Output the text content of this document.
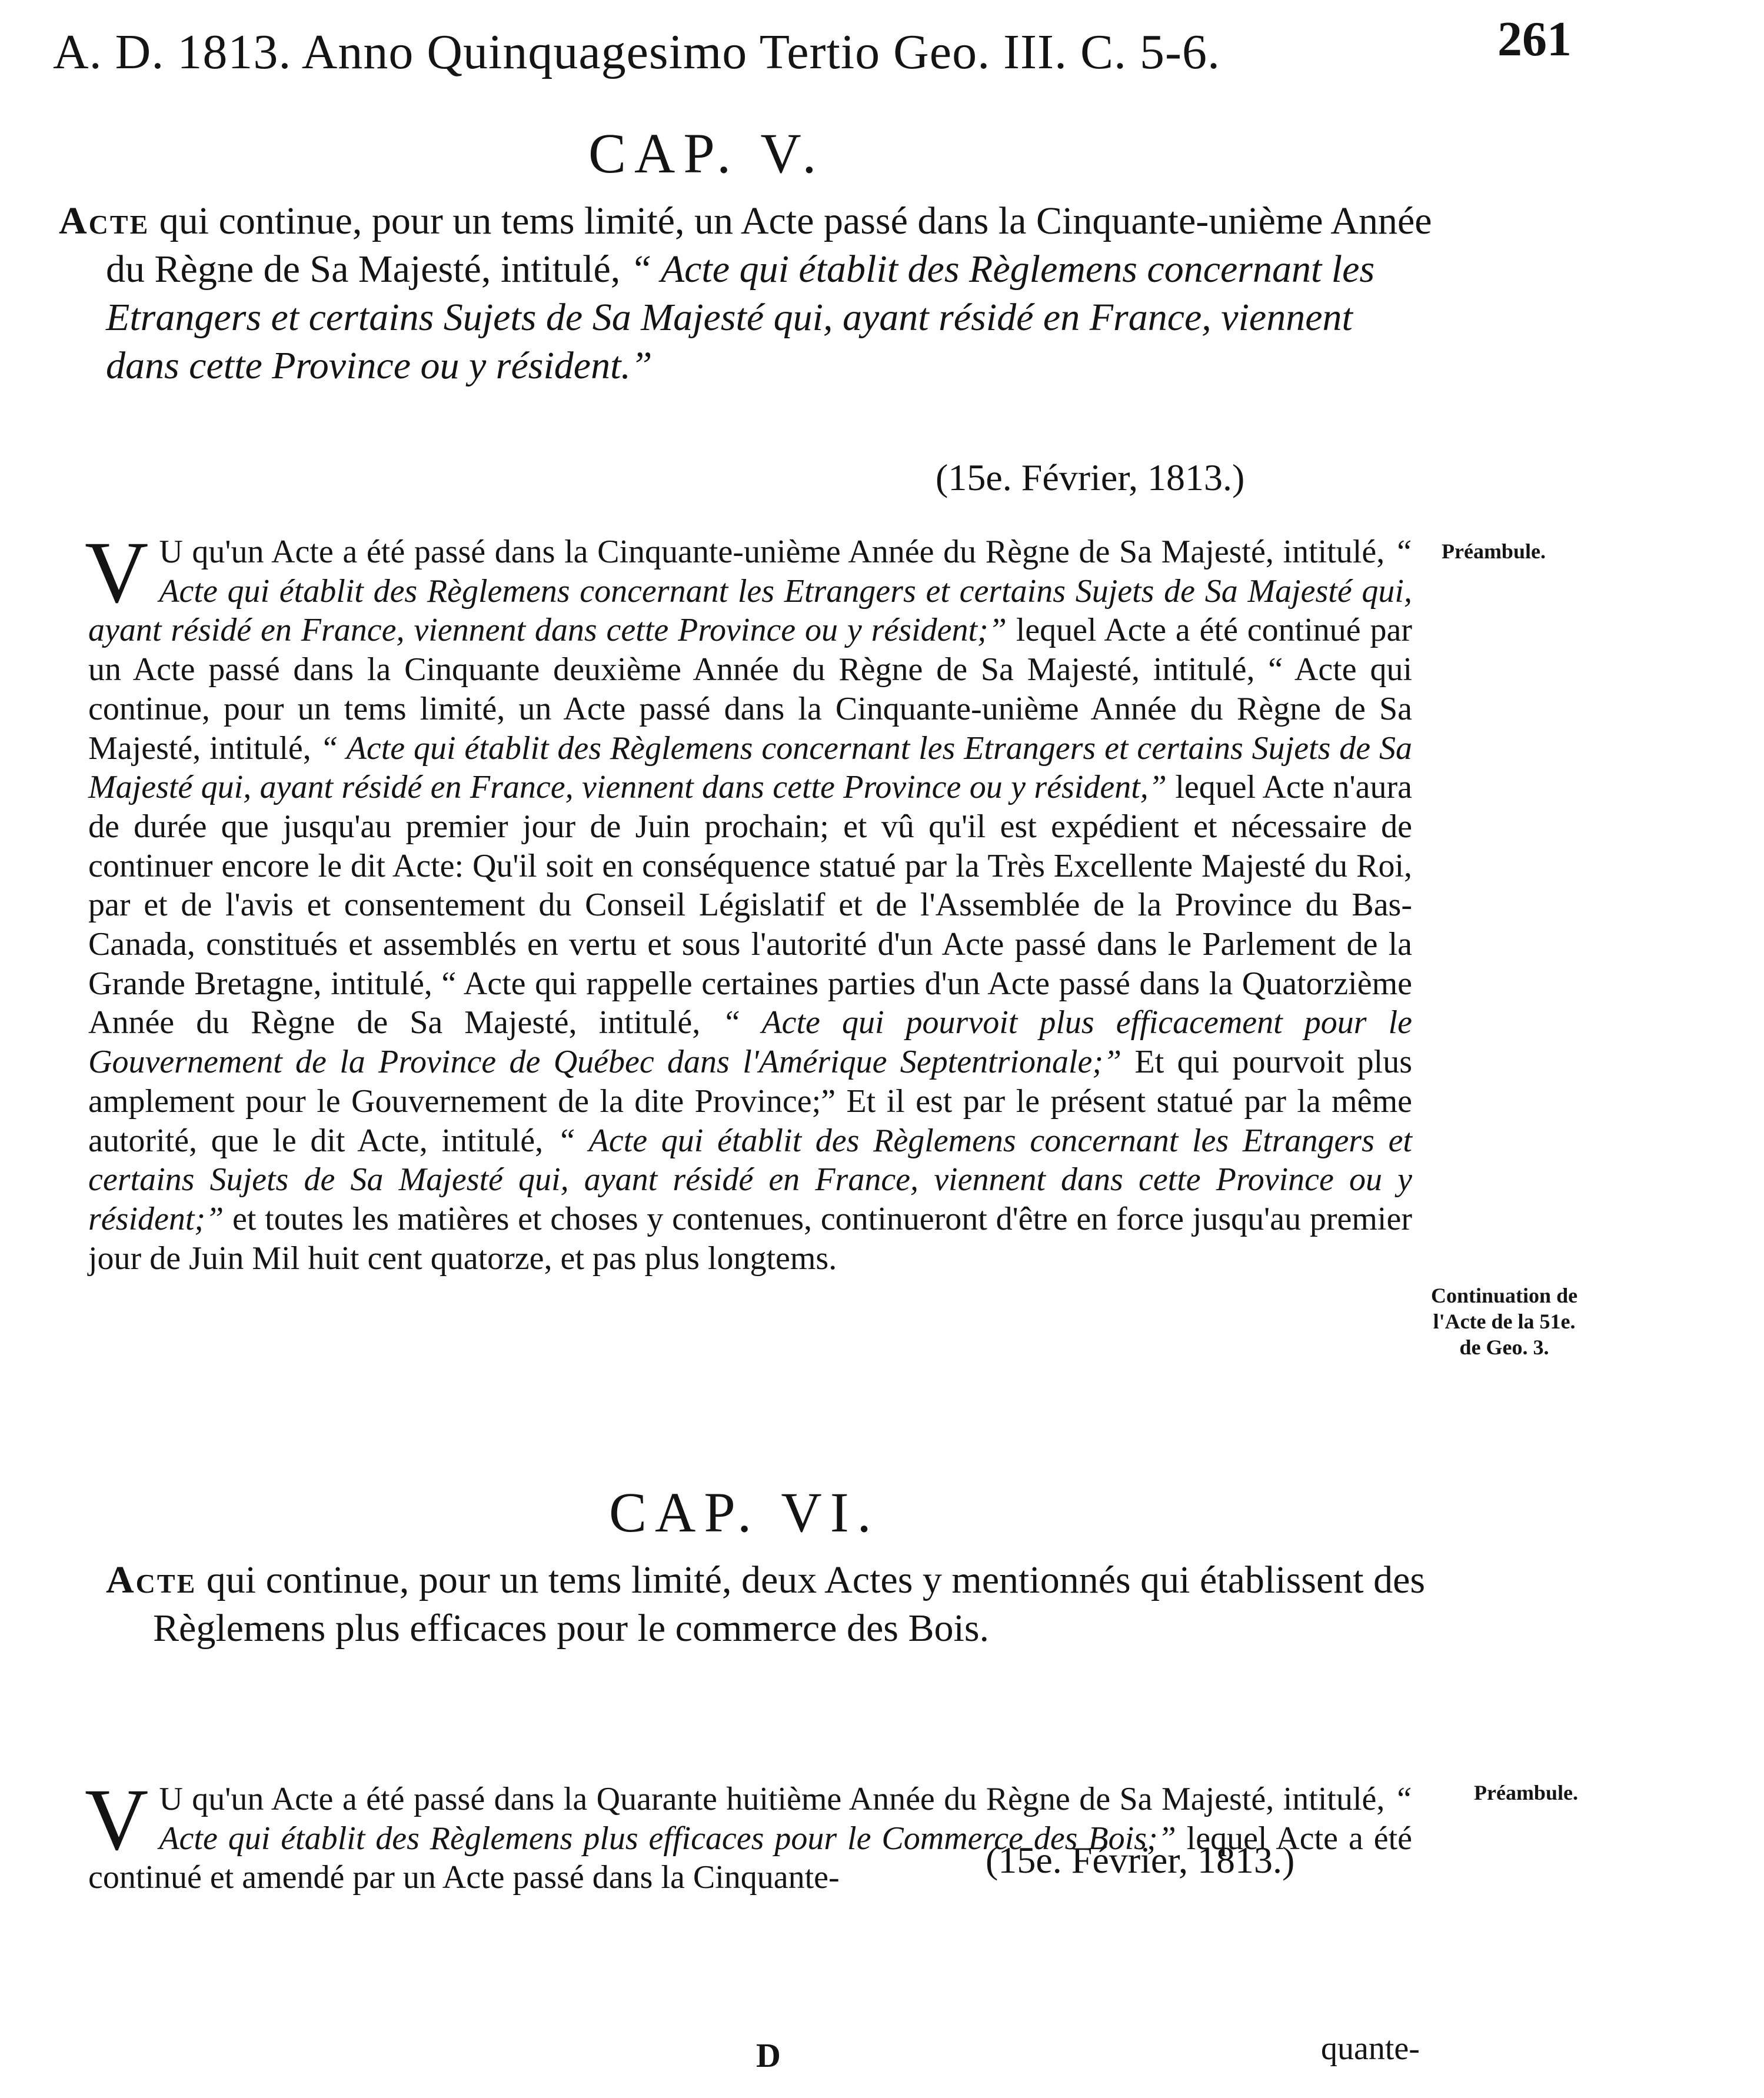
A. D. 1813. Anno Quinquagesimo Tertio Geo. III. C. 5-6.	261
CAP. V.
Acte qui continue, pour un tems limité, un Acte passé dans la Cinquante-unième Année du Règne de Sa Majesté, intitulé, “ Acte qui établit des Règlemens concernant les Etrangers et certains Sujets de Sa Majesté qui, ayant résidé en France, viennent dans cette Province ou y résident.”
(15e. Février, 1813.)
V U qu'un Acte a été passé dans la Cinquante-unième Année du Règne de Sa Majesté, intitulé, “ Acte qui établit des Règlemens concernant les Etrangers et certains Sujets de Sa Majesté qui, ayant résidé en France, viennent dans cette Province ou y résident;” lequel Acte a été continué par un Acte passé dans la Cinquante deuxième Année du Règne de Sa Majesté, intitulé, “ Acte qui continue, pour un tems limité, un Acte passé dans la Cinquante-unième Année du Règne de Sa Majesté, intitulé, “ Acte qui établit des Règlemens concernant les Etrangers et certains Sujets de Sa Majesté qui, ayant résidé en France, viennent dans cette Province ou y résident,” lequel Acte n'aura de durée que jusqu'au premier jour de Juin prochain; et vû qu'il est expédient et nécessaire de continuer encore le dit Acte: Qu'il soit en conséquence statué par la Très Excellente Majesté du Roi, par et de l'avis et consentement du Conseil Législatif et de l'Assemblée de la Province du Bas-Canada, constitués et assemblés en vertu et sous l'autorité d'un Acte passé dans le Parlement de la Grande Bretagne, intitulé, “ Acte qui rappelle certaines parties d'un Acte passé dans la Quatorzième Année du Règne de Sa Majesté, intitulé, “ Acte qui pourvoit plus efficacement pour le Gouvernement de la Province de Québec dans l'Amérique Septentrionale;” Et qui pourvoit plus amplement pour le Gouvernement de la dite Province;” Et il est par le présent statué par la même autorité, que le dit Acte, intitulé, “ Acte qui établit des Règlemens concernant les Etrangers et certains Sujets de Sa Majesté qui, ayant résidé en France, viennent dans cette Province ou y résident;” et toutes les matières et choses y contenues, continueront d'être en force jusqu'au premier jour de Juin Mil huit cent quatorze, et pas plus longtems.
Préambule.
Continuation de
l'Acte de la 51e.
de Geo. 3.
CAP. VI.
Acte qui continue, pour un tems limité, deux Actes y mentionnés qui établissent des Règlemens plus efficaces pour le commerce des Bois.
(15e. Février, 1813.)
V U qu'un Acte a été passé dans la Quarante huitième Année du Règne de Sa Majesté, intitulé, “ Acte qui établit des Règlemens plus efficaces pour le Commerce des Bois;” lequel Acte a été continué et amendé par un Acte passé dans la Cinquante-
Préambule.
D	quante-
